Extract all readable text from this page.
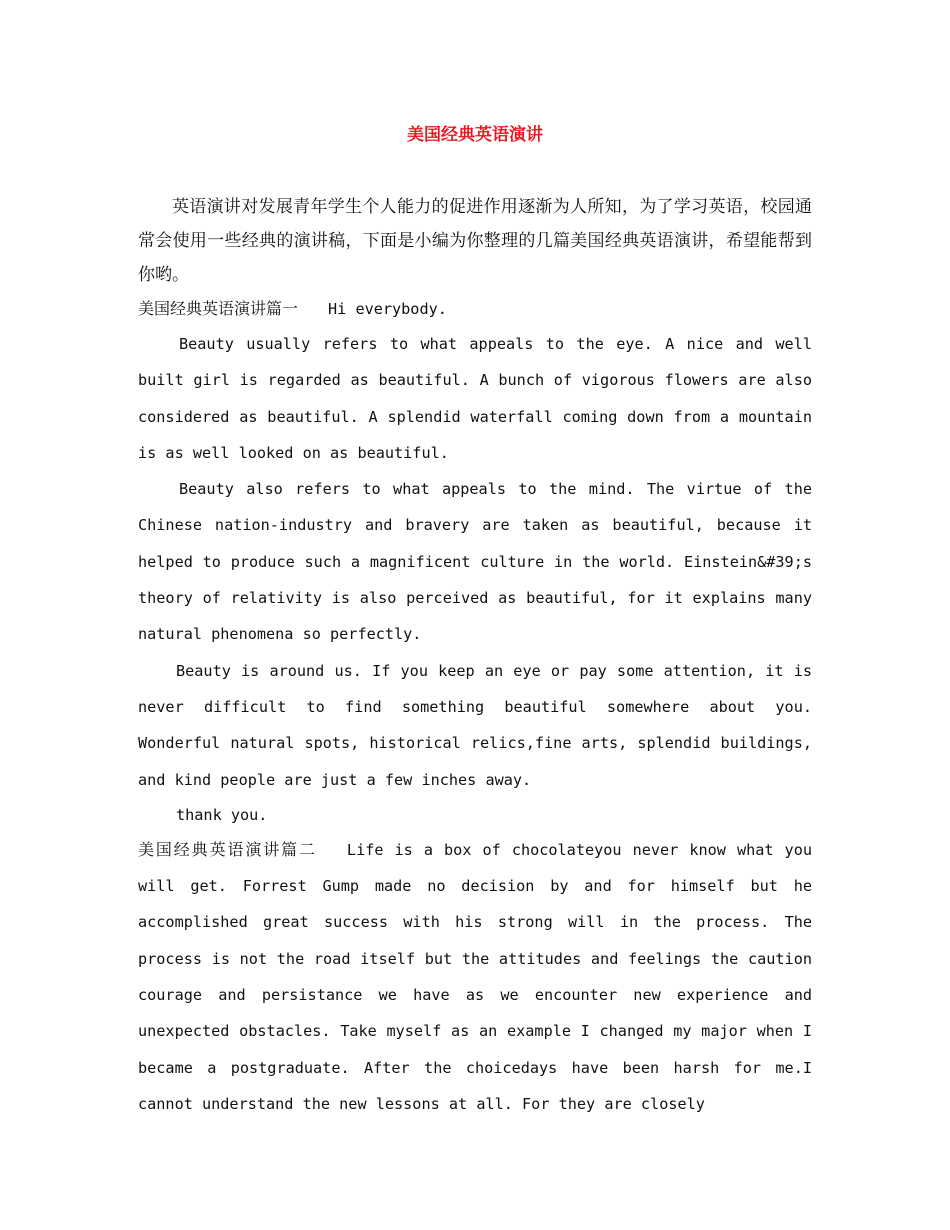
美国经典英语演讲

英语演讲对发展青年学生个人能力的促进作用逐渐为人所知，为了学习英语，校园通常会使用一些经典的演讲稿，下面是小编为你整理的几篇美国经典英语演讲，希望能帮到你哟。

美国经典英语演讲篇一 Hi everybody.

Beauty usually refers to what appeals to the eye. A nice and well built girl is regarded as beautiful. A bunch of vigorous flowers are also considered as beautiful. A splendid waterfall coming down from a mountain is as well looked on as beautiful.

Beauty also refers to what appeals to the mind. The virtue of the Chinese nation-industry and bravery are taken as beautiful, because it helped to produce such a magnificent culture in the world. Einstein&#39;s theory of relativity is also perceived as beautiful, for it explains many natural phenomena so perfectly.

Beauty is around us. If you keep an eye or pay some attention, it is never difficult to find something beautiful somewhere about you. Wonderful natural spots, historical relics,fine arts, splendid buildings, and kind people are just a few inches away.

thank you.

美国经典英语演讲篇二 Life is a box of chocolateyou never know what you will get. Forrest Gump made no decision by and for himself but he accomplished great success with his strong will in the process. The process is not the road itself but the attitudes and feelings the caution courage and persistance we have as we encounter new experience and unexpected obstacles. Take myself as an example I changed my major when I became a postgraduate. After the choicedays have been harsh for me.I cannot understand the new lessons at all. For they are closely
